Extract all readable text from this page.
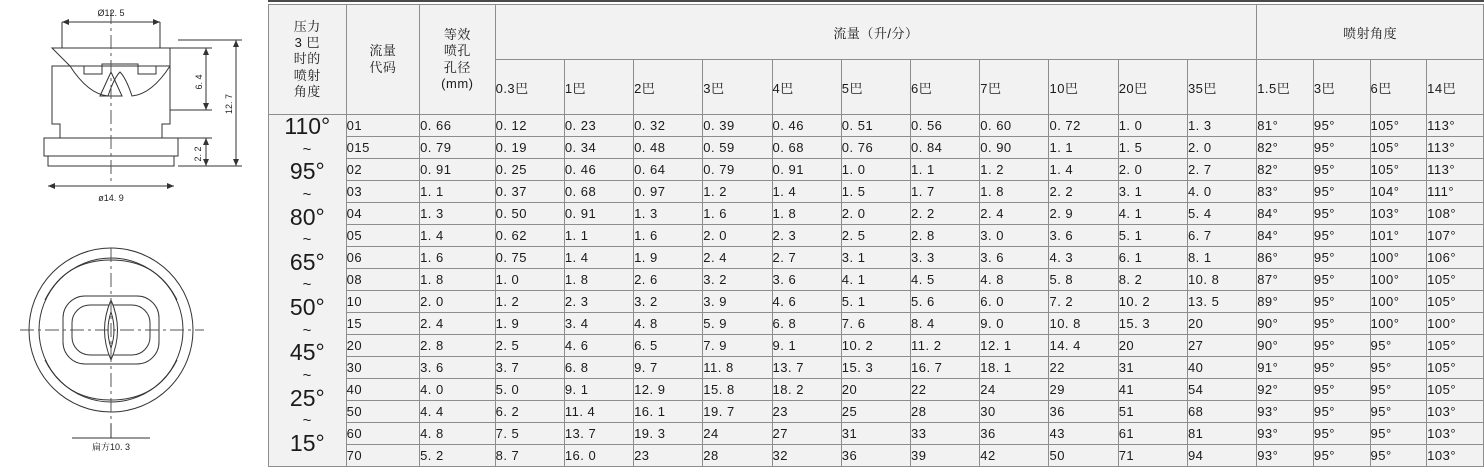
Ø12. 5
6. 4
12. 7
2. 2
ø14. 9
扁方10. 3
压力
3 巴
时的
喷射
角度

流量
代码

等效
喷孔
孔径
(mm)
	流量（升/分）	喷射角度
			0.3巴	1巴	2巴	3巴	4巴	5巴	6巴	7巴	10巴	20巴	35巴	1.5巴	3巴	6巴	14巴

110°
~
95°
~
80°
~
65°
~
50°
~
45°
~
25°
~
15°
	01	0. 66	0. 12	0. 23	0. 32	0. 39	0. 46	0. 51	0. 56	0. 60	0. 72	1. 0	1. 3	81°	95°	105°	113°
	015	0. 79	0. 19	0. 34	0. 48	0. 59	0. 68	0. 76	0. 84	0. 90	1. 1	1. 5	2. 0	82°	95°	105°	113°
	02	0. 91	0. 25	0. 46	0. 64	0. 79	0. 91	1. 0	1. 1	1. 2	1. 4	2. 0	2. 7	82°	95°	105°	113°
	03	1. 1	0. 37	0. 68	0. 97	1. 2	1. 4	1. 5	1. 7	1. 8	2. 2	3. 1	4. 0	83°	95°	104°	111°
	04	1. 3	0. 50	0. 91	1. 3	1. 6	1. 8	2. 0	2. 2	2. 4	2. 9	4. 1	5. 4	84°	95°	103°	108°
	05	1. 4	0. 62	1. 1	1. 6	2. 0	2. 3	2. 5	2. 8	3. 0	3. 6	5. 1	6. 7	84°	95°	101°	107°
	06	1. 6	0. 75	1. 4	1. 9	2. 4	2. 7	3. 1	3. 3	3. 6	4. 3	6. 1	8. 1	86°	95°	100°	106°
	08	1. 8	1. 0	1. 8	2. 6	3. 2	3. 6	4. 1	4. 5	4. 8	5. 8	8. 2	10. 8	87°	95°	100°	105°
	10	2. 0	1. 2	2. 3	3. 2	3. 9	4. 6	5. 1	5. 6	6. 0	7. 2	10. 2	13. 5	89°	95°	100°	105°
	15	2. 4	1. 9	3. 4	4. 8	5. 9	6. 8	7. 6	8. 4	9. 0	10. 8	15. 3	20	90°	95°	100°	100°
	20	2. 8	2. 5	4. 6	6. 5	7. 9	9. 1	10. 2	11. 2	12. 1	14. 4	20	27	90°	95°	95°	105°
	30	3. 6	3. 7	6. 8	9. 7	11. 8	13. 7	15. 3	16. 7	18. 1	22	31	40	91°	95°	95°	105°
	40	4. 0	5. 0	9. 1	12. 9	15. 8	18. 2	20	22	24	29	41	54	92°	95°	95°	105°
	50	4. 4	6. 2	11. 4	16. 1	19. 7	23	25	28	30	36	51	68	93°	95°	95°	103°
	60	4. 8	7. 5	13. 7	19. 3	24	27	31	33	36	43	61	81	93°	95°	95°	103°
	70	5. 2	8. 7	16. 0	23	28	32	36	39	42	50	71	94	93°	95°	95°	103°
